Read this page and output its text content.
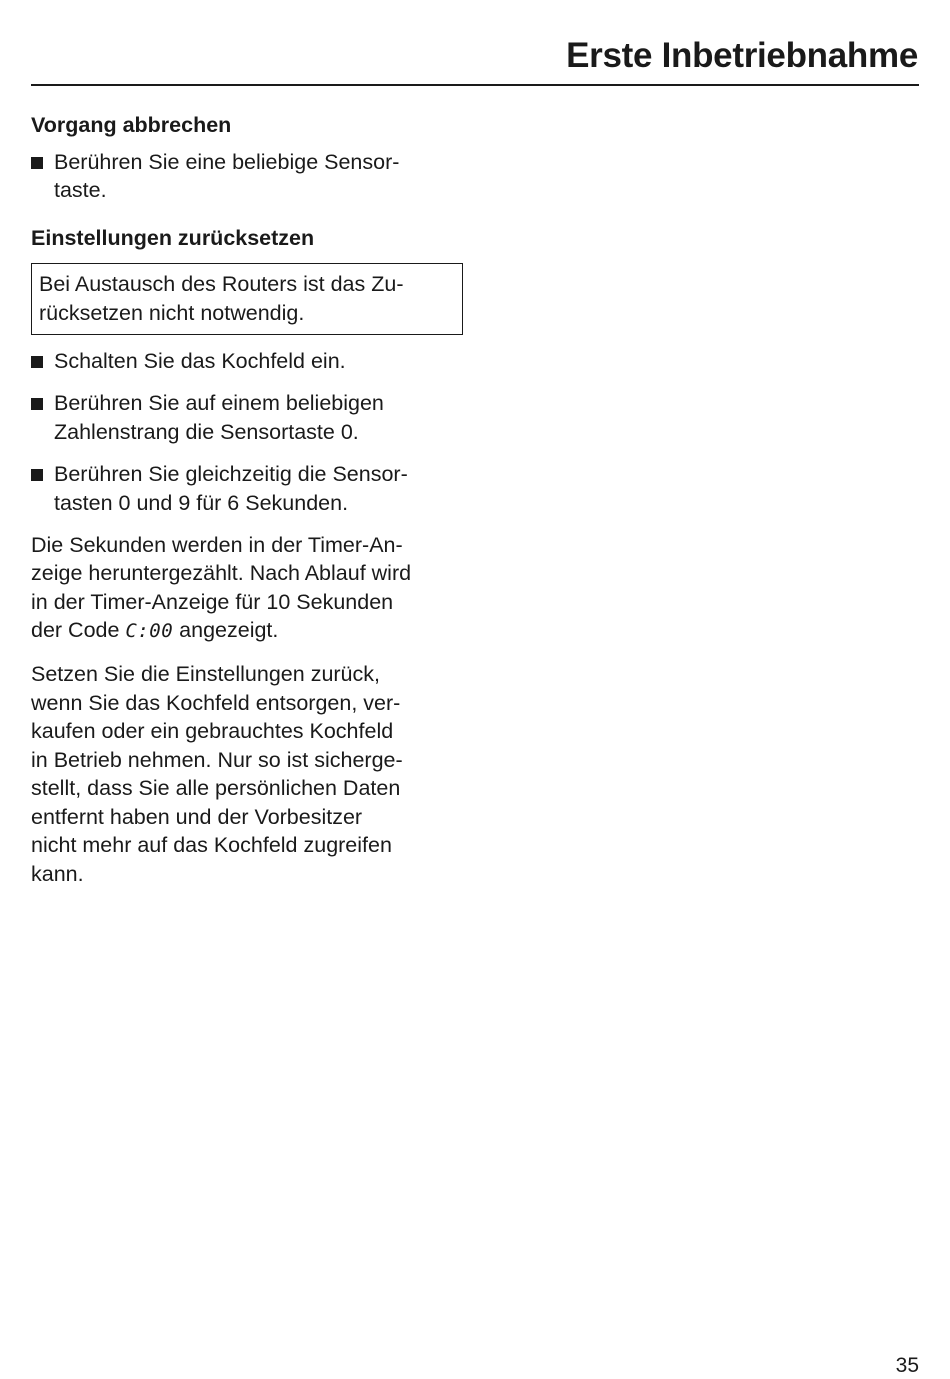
Erste Inbetriebnahme
Vorgang abbrechen
Berühren Sie eine beliebige Sensor-
taste.
Einstellungen zurücksetzen
Bei Austausch des Routers ist das Zu-
rücksetzen nicht notwendig.
Schalten Sie das Kochfeld ein.
Berühren Sie auf einem beliebigen
Zahlenstrang die Sensortaste 0.
Berühren Sie gleichzeitig die Sensor-
tasten 0 und 9 für 6 Sekunden.

Die Sekunden werden in der Timer-An-
zeige heruntergezählt. Nach Ablauf wird
in der Timer-Anzeige für 10 Sekunden
der Code C:00 angezeigt.

Setzen Sie die Einstellungen zurück,
wenn Sie das Kochfeld entsorgen, ver-
kaufen oder ein gebrauchtes Kochfeld
in Betrieb nehmen. Nur so ist sicherge-
stellt, dass Sie alle persönlichen Daten
entfernt haben und der Vorbesitzer
nicht mehr auf das Kochfeld zugreifen
kann.

35
